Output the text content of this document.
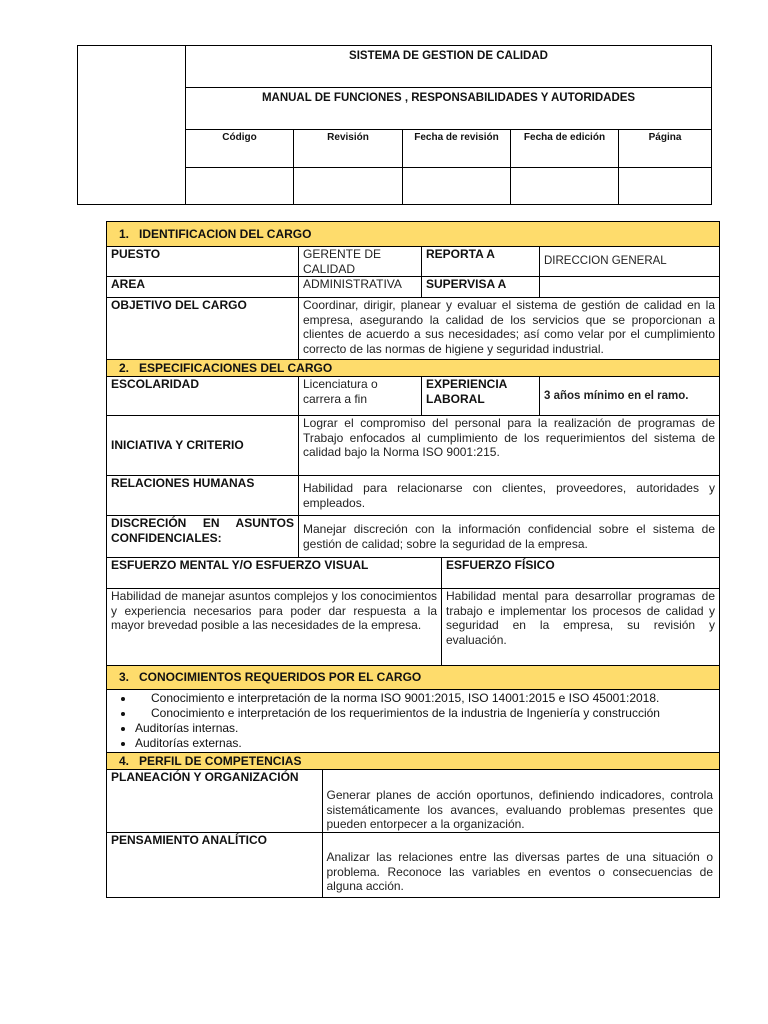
	SISTEMA DE GESTION DE CALIDAD				
	MANUAL DE FUNCIONES , RESPONSABILIDADES Y AUTORIDADES				
	Código	Revisión	Fecha de revisión	Fecha de edición	Página

1.   IDENTIFICACION DEL CARGO
PUESTO	GERENTE DE CALIDAD	REPORTA A	DIRECCION GENERAL
AREA	ADMINISTRATIVA	SUPERVISA A	
OBJETIVO DEL CARGO	Coordinar, dirigir, planear y evaluar el sistema de gestión de calidad en la empresa, asegurando la calidad de los servicios que se proporcionan a clientes de acuerdo a sus necesidades; así como velar por el cumplimiento correcto de las normas de higiene y seguridad industrial.
2.   ESPECIFICACIONES DEL CARGO
ESCOLARIDAD	Licenciatura o carrera a fin	EXPERIENCIA LABORAL	3 años mínimo en el ramo.
INICIATIVA Y CRITERIO	Lograr el compromiso del personal para la realización de programas de Trabajo enfocados al cumplimiento de los requerimientos del sistema de calidad bajo la Norma ISO 9001:215.
RELACIONES HUMANAS	Habilidad para relacionarse con clientes, proveedores, autoridades y empleados.
DISCRECIÓN EN ASUNTOS CONFIDENCIALES:	Manejar discreción con la información confidencial sobre el sistema de gestión de calidad; sobre la seguridad de la empresa.
ESFUERZO MENTAL Y/O ESFUERZO VISUAL	ESFUERZO FÍSICO
Habilidad de manejar asuntos complejos y los conocimientos y experiencia necesarios para poder dar respuesta a la mayor brevedad posible a las necesidades de la empresa.	Habilidad mental para desarrollar programas de trabajo e implementar los procesos de calidad y seguridad en la empresa, su revisión y evaluación.
3.   CONOCIMIENTOS REQUERIDOS POR EL CARGO

• Conocimiento e interpretación de la norma ISO 9001:2015, ISO 14001:2015 e ISO 45001:2018.
• Conocimiento e interpretación de los requerimientos de la industria de Ingeniería y construcción
• Auditorías internas.
• Auditorías externas.

4.   PERFIL DE COMPETENCIAS

PLANEACIÓN Y ORGANIZACIÓN	Generar planes de acción oportunos, definiendo indicadores, controla sistemáticamente los avances, evaluando problemas presentes que pueden entorpecer a la organización.

PENSAMIENTO ANALÍTICO	Analizar las relaciones entre las diversas partes de una situación o problema. Reconoce las variables en eventos o consecuencias de alguna acción.
